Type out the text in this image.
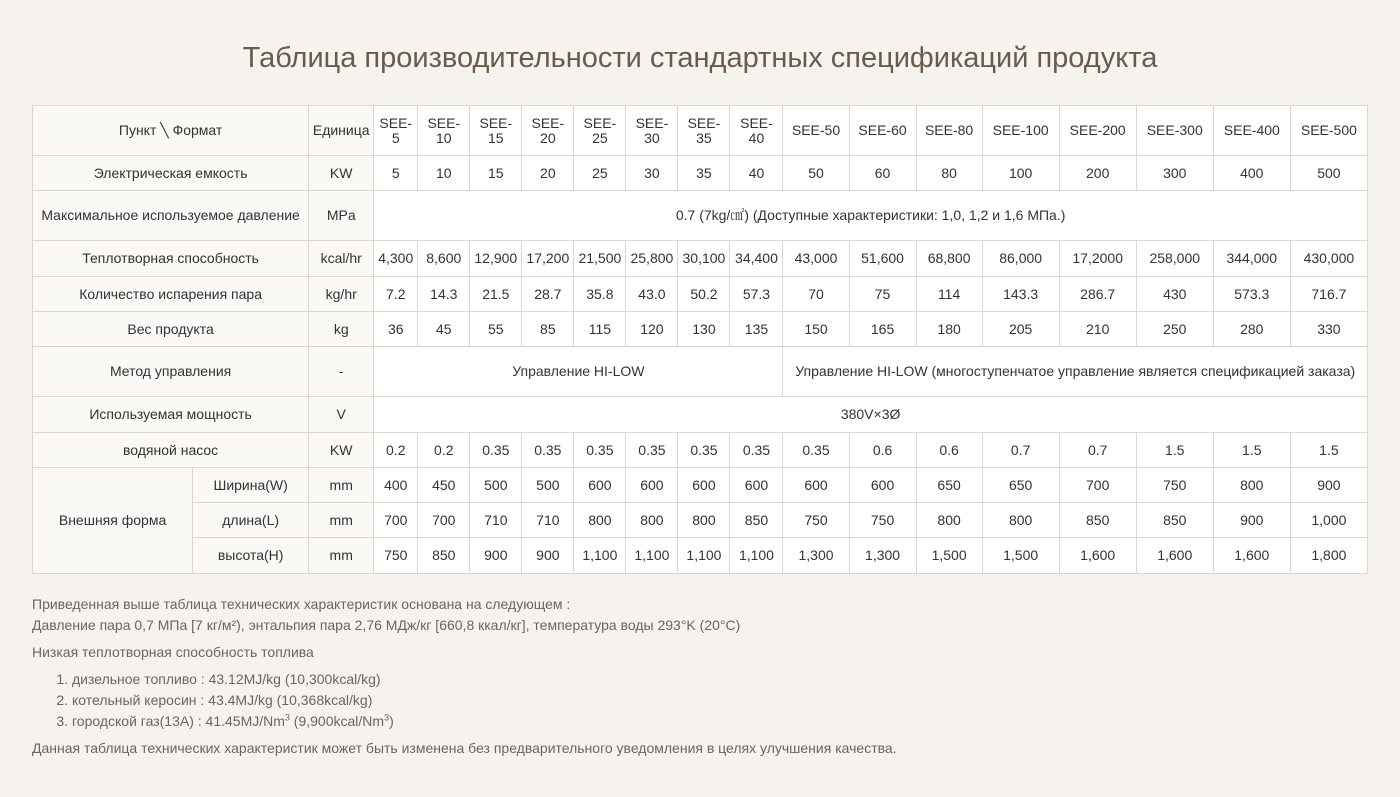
Таблица производительности стандартных спецификаций продукта
Пункт ╲ Формат		Единица	SEE-5	SEE-10	SEE-15	SEE-20	SEE-25	SEE-30	SEE-35	SEE-40	SEE-50	SEE-60	SEE-80	SEE-100	SEE-200	SEE-300	SEE-400	SEE-500
Электрическая емкость		KW	5	10	15	20	25	30	35	40	50	60	80	100	200	300	400	500
Максимальное используемое давление		MPa	0.7 (7kg/㎠) (Доступные характеристики: 1,0, 1,2 и 1,6 МПа.)															
Теплотворная способность		kcal/hr	4,300	8,600	12,900	17,200	21,500	25,800	30,100	34,400	43,000	51,600	68,800	86,000	17,2000	258,000	344,000	430,000
Количество испарения пара		kg/hr	7.2	14.3	21.5	28.7	35.8	43.0	50.2	57.3	70	75	114	143.3	286.7	430	573.3	716.7
Вес продукта		kg	36	45	55	85	115	120	130	135	150	165	180	205	210	250	280	330
Метод управления		-	Управление HI-LOW								Управление HI-LOW (многоступенчатое управление является спецификацией заказа)							
Используемая мощность		V	380V×3Ø															
водяной насос		KW	0.2	0.2	0.35	0.35	0.35	0.35	0.35	0.35	0.35	0.6	0.6	0.7	0.7	1.5	1.5	1.5
Внешняя форма	Ширина(W)	mm	400	450	500	500	600	600	600	600	600	600	650	650	700	750	800	900
	длина(L)	mm	700	700	710	710	800	800	800	850	750	750	800	800	850	850	900	1,000
	высота(H)	mm	750	850	900	900	1,100	1,100	1,100	1,100	1,300	1,300	1,500	1,500	1,600	1,600	1,600	1,800

Приведенная выше таблица технических характеристик основана на следующем :

Давление пара 0,7 МПа [7 кг/м²), энтальпия пара 2,76 МДж/кг [660,8 ккал/кг], температура воды 293°K (20°C)

Низкая теплотворная способность топлива

1. дизельное топливо : 43.12MJ/kg (10,300kcal/kg)
2. котельный керосин : 43.4MJ/kg (10,368kcal/kg)
3. городской газ(13A) : 41.45MJ/Nm$^3$ (9,900kcal/Nm$^3$)

Данная таблица технических характеристик может быть изменена без предварительного уведомления в целях улучшения качества.
